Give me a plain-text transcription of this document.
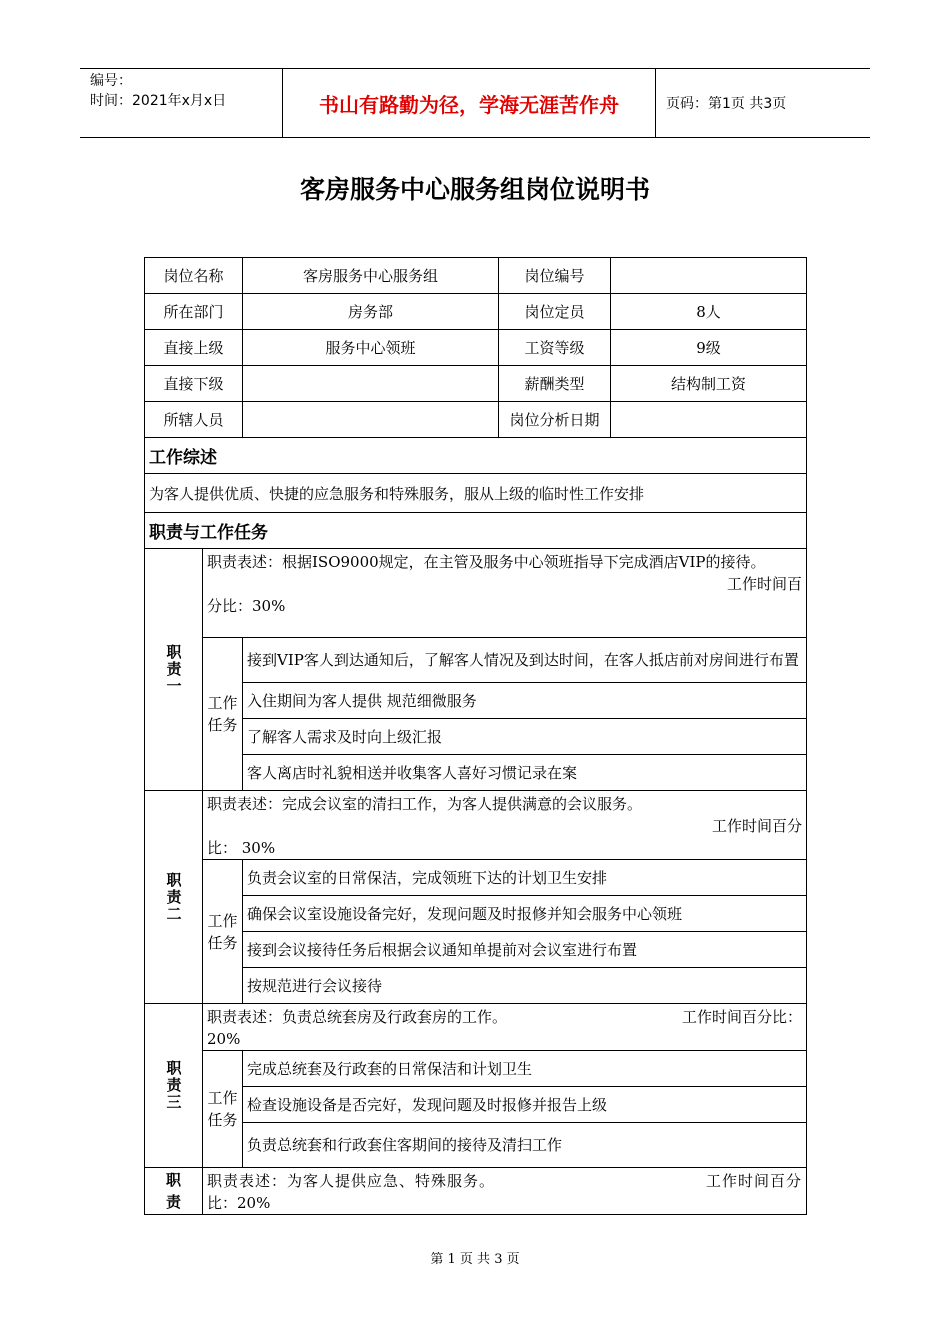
编号：
时间：2021年x月x日	书山有路勤为径，学海无涯苦作舟	页码：第1页 共3页
客房服务中心服务组岗位说明书
岗位名称		客房服务中心服务组	岗位编号	
所在部门		房务部	岗位定员	8人
直接上级		服务中心领班	工资等级	9级
直接下级			薪酬类型	结构制工资
所辖人员			岗位分析日期	
工作综述				
为客人提供优质、快捷的应急服务和特殊服务，服从上级的临时性工作安排				
职责与工作任务				
职责一	职责表述：根据ISO9000规定，在主管及服务中心领班指导下完成酒店VIP的接待。
工作时间百
分比：30%			

	工作任务	接到VIP客人到达通知后，了解客人情况及到达时间，在客人抵店前对房间进行布置		
		入住期间为客人提供 规范细微服务		
		了解客人需求及时向上级汇报		
		客人离店时礼貌相送并收集客人喜好习惯记录在案		
职责二	职责表述：完成会议室的清扫工作，为客人提供满意的会议服务。
工作时间百分
比： 30%			

	工作任务	负责会议室的日常保洁，完成领班下达的计划卫生安排		
		确保会议室设施设备完好，发现问题及时报修并知会服务中心领班		
		接到会议接待任务后根据会议通知单提前对会议室进行布置		
		按规范进行会议接待		
职责三	职责表述：负责总统套房及行政套房的工作。 工作时间百分比：
20%			

	工作任务	完成总统套及行政套的日常保洁和计划卫生		
		检查设施设备是否完好，发现问题及时报修并报告上级		
		负责总统套和行政套住客期间的接待及清扫工作		

职责	职责表述：为客人提供应急、特殊服务。 工作时间百分
比：20%			
第 1 页 共 3 页
